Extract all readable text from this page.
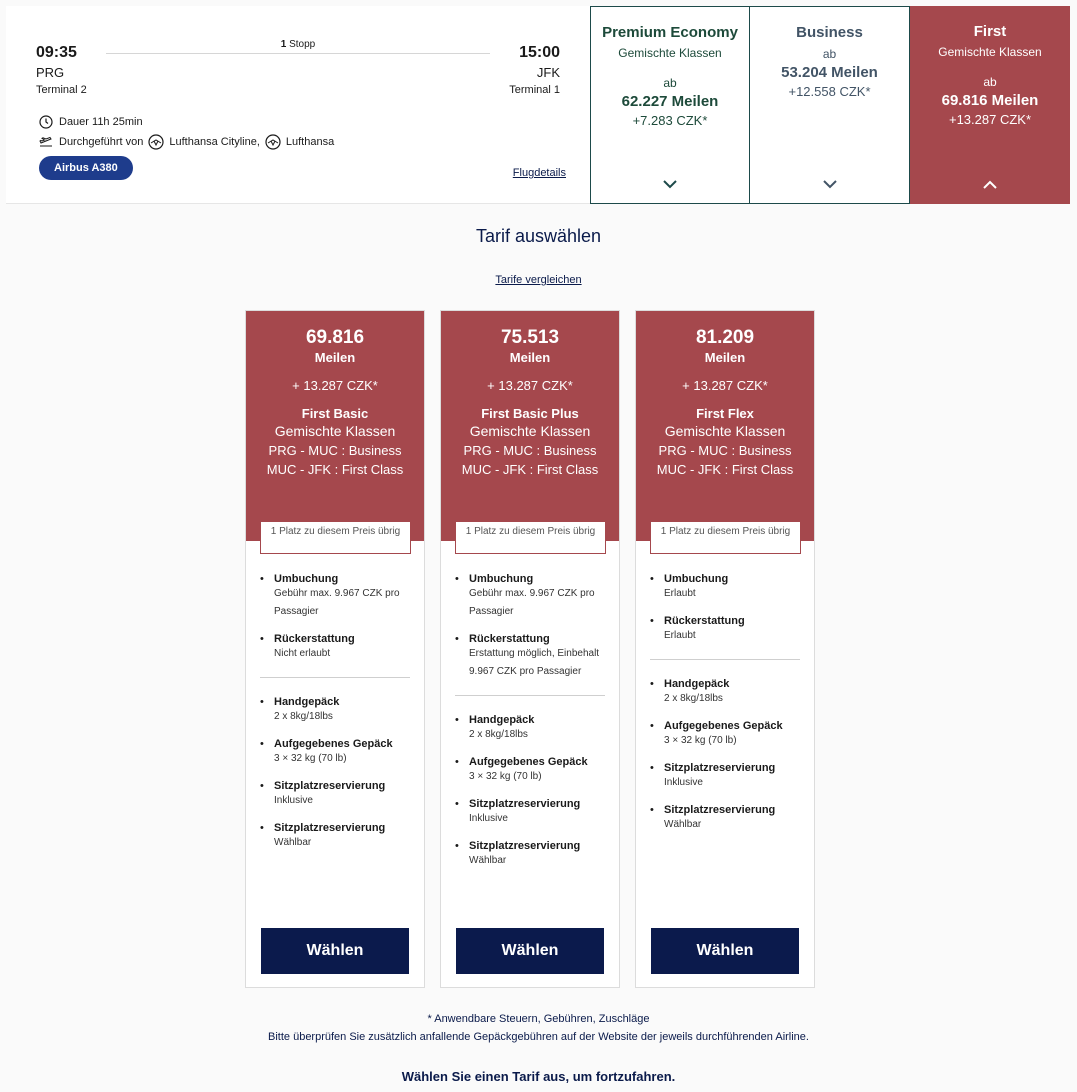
09:35
PRG
Terminal 2
1 Stopp	15:00
JFK
Terminal 1
Dauer 11h 25min
Durchgeführt von Lufthansa Cityline, Lufthansa
Airbus A380	Flugdetails
Premium Economy
Gemischte Klassen
ab
62.227 Meilen
+7.283 CZK*
Business
ab
53.204 Meilen
+12.558 CZK*
First
Gemischte Klassen
ab
69.816 Meilen
+13.287 CZK*
Tarif auswählen
Tarife vergleichen
69.816
Meilen
+ 13.287 CZK*
First Basic
Gemischte Klassen
PRG - MUC : Business
MUC - JFK : First Class
1 Platz zu diesem Preis übrig
• Umbuchung
Gebühr max. 9.967 CZK pro Passagier
• Rückerstattung
Nicht erlaubt
• Handgepäck
2 x 8kg/18lbs
• Aufgegebenes Gepäck
3 × 32 kg (70 lb)
• Sitzplatzreservierung
Inklusive
• Sitzplatzreservierung
Wählbar
Wählen
75.513
Meilen
+ 13.287 CZK*
First Basic Plus
Gemischte Klassen
PRG - MUC : Business
MUC - JFK : First Class
1 Platz zu diesem Preis übrig
• Umbuchung
Gebühr max. 9.967 CZK pro Passagier
• Rückerstattung
Erstattung möglich, Einbehalt 9.967 CZK pro Passagier
• Handgepäck
2 x 8kg/18lbs
• Aufgegebenes Gepäck
3 × 32 kg (70 lb)
• Sitzplatzreservierung
Inklusive
• Sitzplatzreservierung
Wählbar
Wählen
81.209
Meilen
+ 13.287 CZK*
First Flex
Gemischte Klassen
PRG - MUC : Business
MUC - JFK : First Class
1 Platz zu diesem Preis übrig
• Umbuchung
Erlaubt
• Rückerstattung
Erlaubt
• Handgepäck
2 x 8kg/18lbs
• Aufgegebenes Gepäck
3 × 32 kg (70 lb)
• Sitzplatzreservierung
Inklusive
• Sitzplatzreservierung
Wählbar
Wählen
* Anwendbare Steuern, Gebühren, Zuschläge
Bitte überprüfen Sie zusätzlich anfallende Gepäckgebühren auf der Website der jeweils durchführenden Airline.
Wählen Sie einen Tarif aus, um fortzufahren.
